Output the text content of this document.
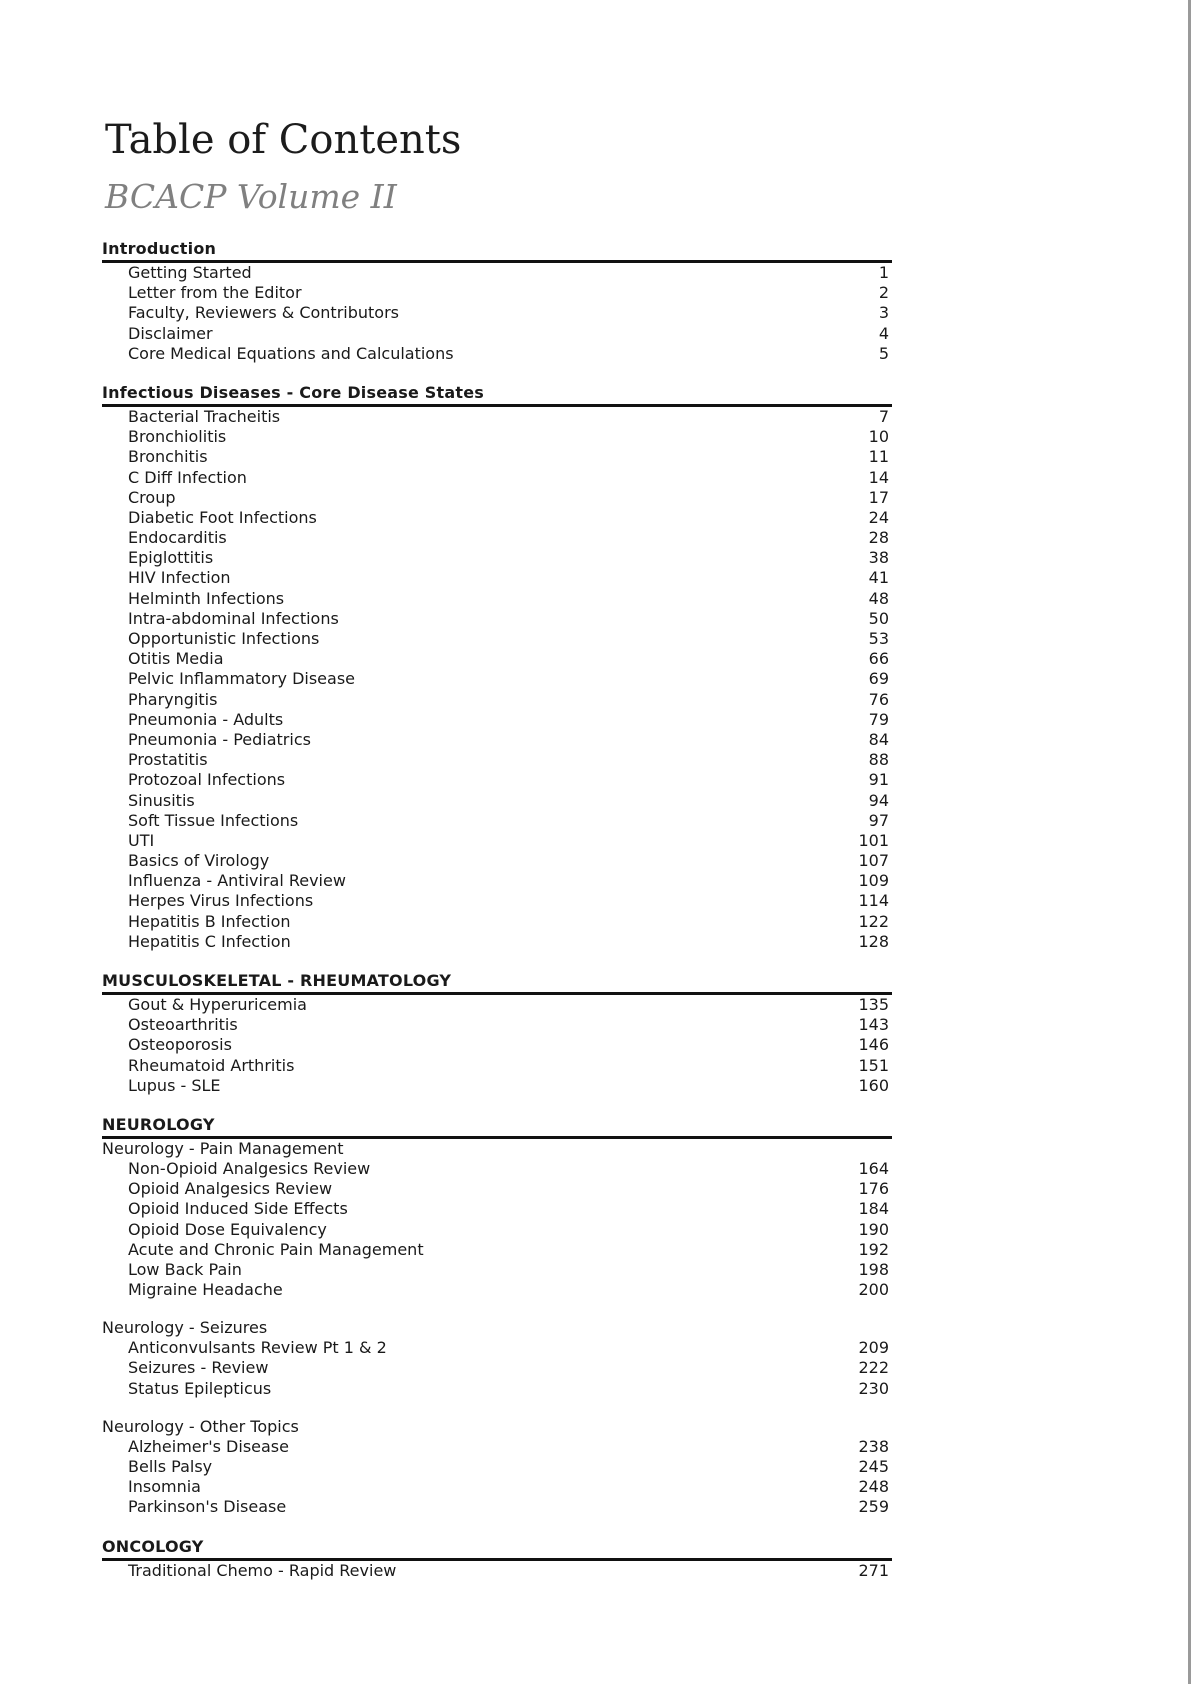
Table of Contents
BCACP Volume II
Introduction
Getting Started	1
Letter from the Editor	2
Faculty, Reviewers & Contributors	3
Disclaimer	4
Core Medical Equations and Calculations	5
Infectious Diseases - Core Disease States
Bacterial Tracheitis	7
Bronchiolitis	10
Bronchitis	11
C Diff Infection	14
Croup	17
Diabetic Foot Infections	24
Endocarditis	28
Epiglottitis	38
HIV Infection	41
Helminth Infections	48
Intra-abdominal Infections	50
Opportunistic Infections	53
Otitis Media	66
Pelvic Inflammatory Disease	69
Pharyngitis	76
Pneumonia - Adults	79
Pneumonia - Pediatrics	84
Prostatitis	88
Protozoal Infections	91
Sinusitis	94
Soft Tissue Infections	97
UTI	101
Basics of Virology	107
Influenza - Antiviral Review	109
Herpes Virus Infections	114
Hepatitis B Infection	122
Hepatitis C Infection	128
MUSCULOSKELETAL - RHEUMATOLOGY
Gout & Hyperuricemia	135
Osteoarthritis	143
Osteoporosis	146
Rheumatoid Arthritis	151
Lupus - SLE	160
NEUROLOGY
Neurology - Pain Management
Non-Opioid Analgesics Review	164
Opioid Analgesics Review	176
Opioid Induced Side Effects	184
Opioid Dose Equivalency	190
Acute and Chronic Pain Management	192
Low Back Pain	198
Migraine Headache	200
Neurology - Seizures
Anticonvulsants Review Pt 1 & 2	209
Seizures - Review	222
Status Epilepticus	230
Neurology - Other Topics
Alzheimer's Disease	238
Bells Palsy	245
Insomnia	248
Parkinson's Disease	259
ONCOLOGY
Traditional Chemo - Rapid Review	271
